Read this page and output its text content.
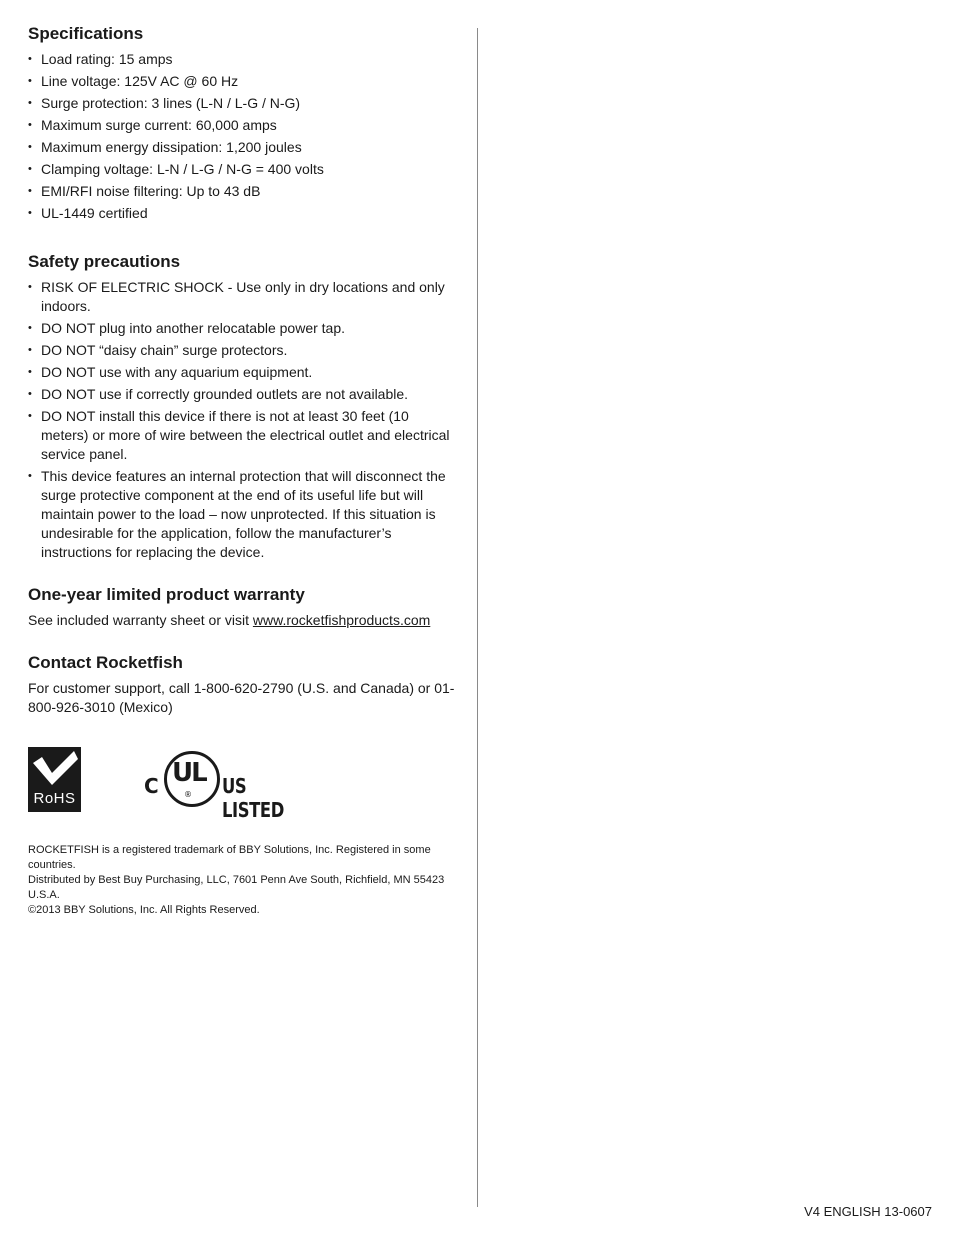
Specifications
• Load rating: 15 amps
• Line voltage: 125V AC @ 60 Hz
• Surge protection: 3 lines (L-N / L-G / N-G)
• Maximum surge current: 60,000 amps
• Maximum energy dissipation: 1,200 joules
• Clamping voltage: L-N / L-G / N-G = 400 volts
• EMI/RFI noise filtering: Up to 43 dB
• UL-1449 certified
Safety precautions
• RISK OF ELECTRIC SHOCK - Use only in dry locations and only indoors.
• DO NOT plug into another relocatable power tap.
• DO NOT “daisy chain” surge protectors.
• DO NOT use with any aquarium equipment.
• DO NOT use if correctly grounded outlets are not available.
• DO NOT install this device if there is not at least 30 feet (10 meters) or more of wire between the electrical outlet and electrical service panel.
• This device features an internal protection that will disconnect the surge protective component at the end of its useful life but will maintain power to the load – now unprotected. If this situation is undesirable for the application, follow the manufacturer’s instructions for replacing the device.
One-year limited product warranty

See included warranty sheet or visit www.rocketfishproducts.com

Contact Rocketfish

For customer support, call 1-800-620-2790 (U.S. and Canada) or 01-800-926-3010 (Mexico)

RoHS
C UL
® US LISTED
ROCKETFISH is a registered trademark of BBY Solutions, Inc. Registered in some countries.
Distributed by Best Buy Purchasing, LLC, 7601 Penn Ave South, Richfield, MN 55423 U.S.A.
©2013 BBY Solutions, Inc. All Rights Reserved.
V4 ENGLISH 13-0607
